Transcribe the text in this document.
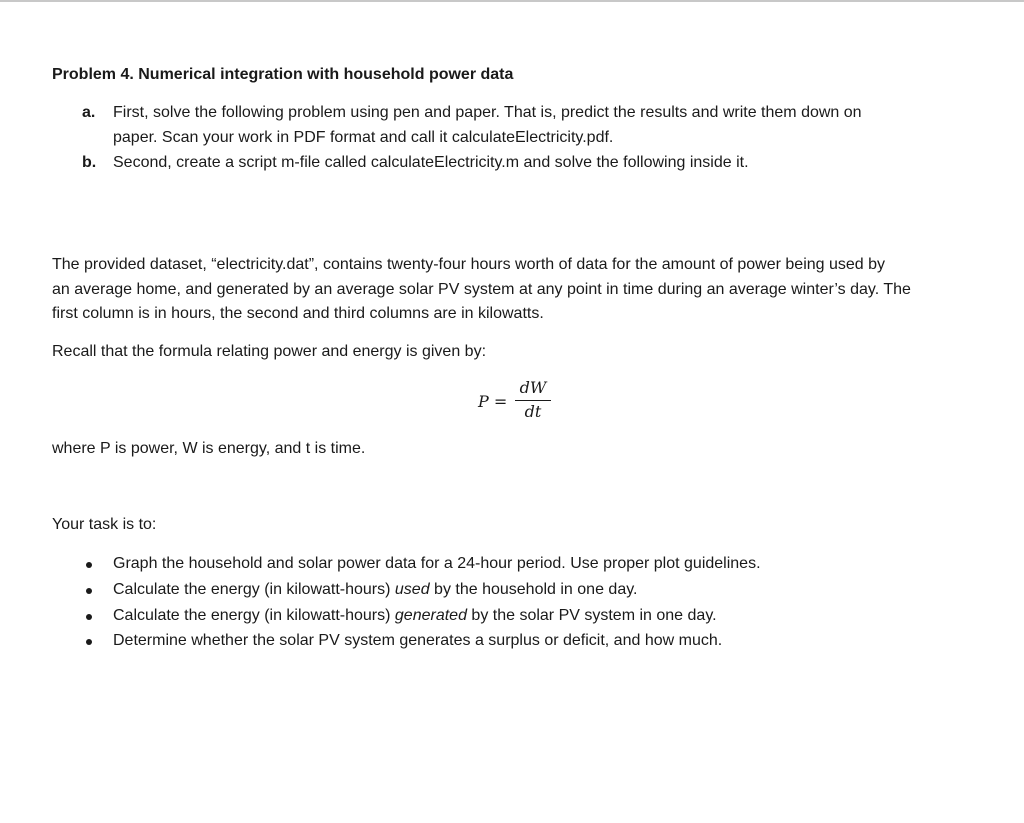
Problem 4. Numerical integration with household power data
a. First, solve the following problem using pen and paper. That is, predict the results and write them down on
paper. Scan your work in PDF format and call it calculateElectricity.pdf.
b. Second, create a script m-file called calculateElectricity.m and solve the following inside it.
The provided dataset, “electricity.dat”, contains twenty-four hours worth of data for the amount of power being used by
an average home, and generated by an average solar PV system at any point in time during an average winter’s day. The
first column is in hours, the second and third columns are in kilowatts.
Recall that the formula relating power and energy is given by:
P =
dW
dt
where P is power, W is energy, and t is time.
Your task is to:
Graph the household and solar power data for a 24-hour period. Use proper plot guidelines.
Calculate the energy (in kilowatt-hours) used by the household in one day.
Calculate the energy (in kilowatt-hours) generated by the solar PV system in one day.
Determine whether the solar PV system generates a surplus or deficit, and how much.
